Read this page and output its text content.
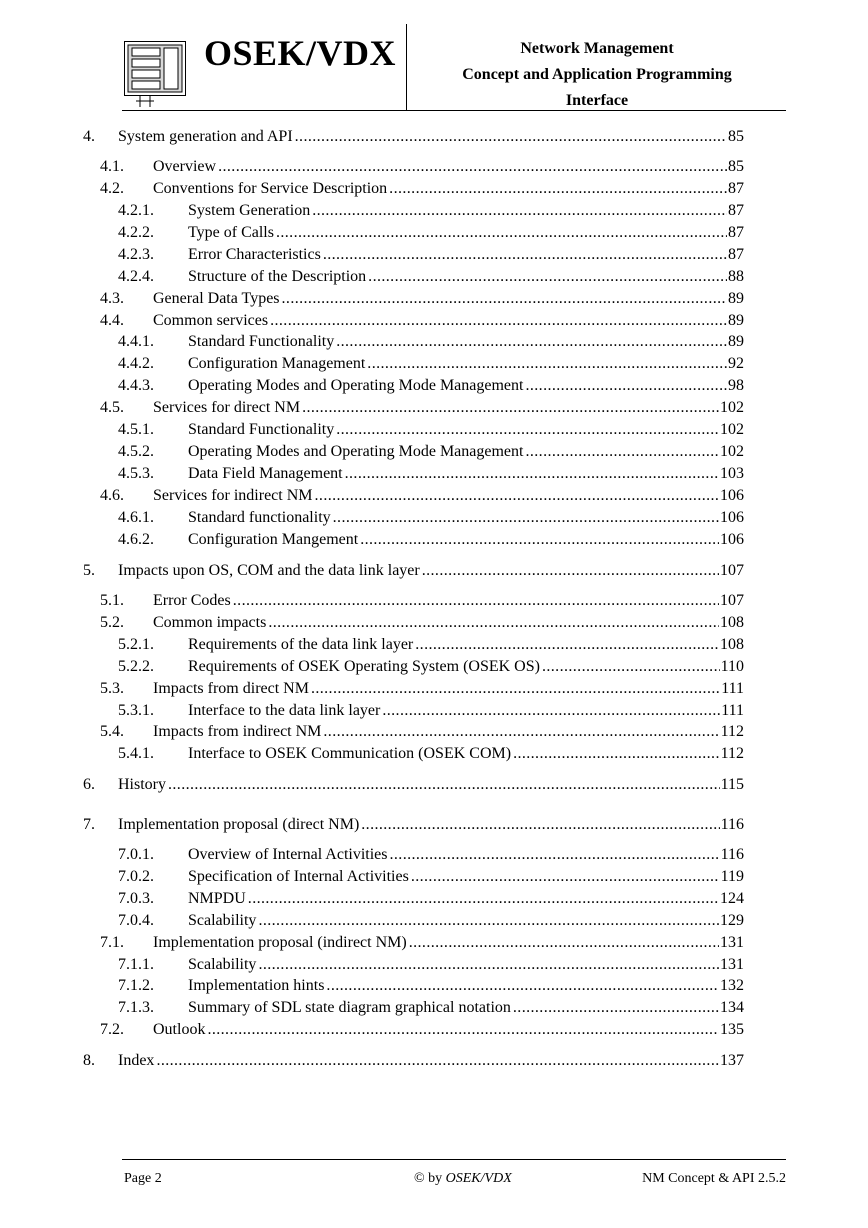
OSEK/VDX	Network Management
Concept and Application Programming
Interface
4.	System generation and API .....	85
4.1.	Overview .....	85
4.2.	Conventions for Service Description .....	87
4.2.1.	System Generation .....	87
4.2.2.	Type of Calls .....	87
4.2.3.	Error Characteristics .....	87
4.2.4.	Structure of the Description .....	88
4.3.	General Data Types .....	89
4.4.	Common services .....	89
4.4.1.	Standard Functionality .....	89
4.4.2.	Configuration Management .....	92
4.4.3.	Operating Modes and Operating Mode Management .....	98
4.5.	Services for direct NM .....	102
4.5.1.	Standard Functionality .....	102
4.5.2.	Operating Modes and Operating Mode Management .....	102
4.5.3.	Data Field Management .....	103
4.6.	Services for indirect NM .....	106
4.6.1.	Standard functionality .....	106
4.6.2.	Configuration Mangement .....	106
5.	Impacts upon OS, COM and the data link layer .....	107
5.1.	Error Codes .....	107
5.2.	Common impacts .....	108
5.2.1.	Requirements of the data link layer .....	108
5.2.2.	Requirements of OSEK Operating System (OSEK OS) .....	110
5.3.	Impacts from direct NM .....	111
5.3.1.	Interface to the data link layer .....	111
5.4.	Impacts from indirect NM .....	112
5.4.1.	Interface to OSEK Communication (OSEK COM) .....	112
6.	History .....	115
7.	Implementation proposal (direct NM) .....	116
7.0.1.	Overview of Internal Activities .....	116
7.0.2.	Specification of Internal Activities .....	119
7.0.3.	NMPDU .....	124
7.0.4.	Scalability .....	129
7.1.	Implementation proposal (indirect NM) .....	131
7.1.1.	Scalability .....	131
7.1.2.	Implementation hints .....	132
7.1.3.	Summary of SDL state diagram graphical notation .....	134
7.2.	Outlook .....	135
8.	Index .....	137
Page 2	© by OSEK/VDX	NM Concept & API 2.5.2
